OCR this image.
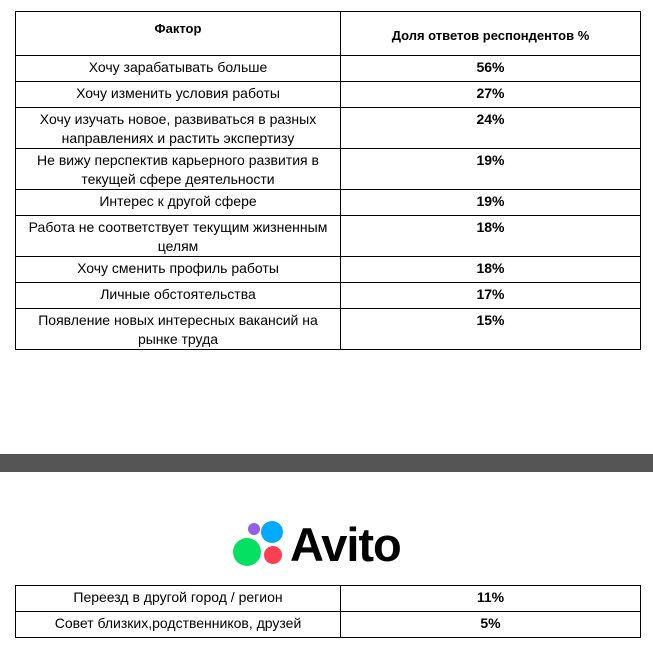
Фактор	Доля ответов респондентов %
Хочу зарабатывать больше	56%
Хочу изменить условия работы	27%
Хочу изучать новое, развиваться в разных направлениях и растить экспертизу	24%
Не вижу перспектив карьерного развития в текущей сфере деятельности	19%
Интерес к другой сфере	19%
Работа не соответствует текущим жизненным целям	18%
Хочу сменить профиль работы	18%
Личные обстоятельства	17%
Появление новых интересных вакансий на рынке труда	15%
Avito
Переезд в другой город / регион	11%
Совет близких,родственников, друзей	5%
